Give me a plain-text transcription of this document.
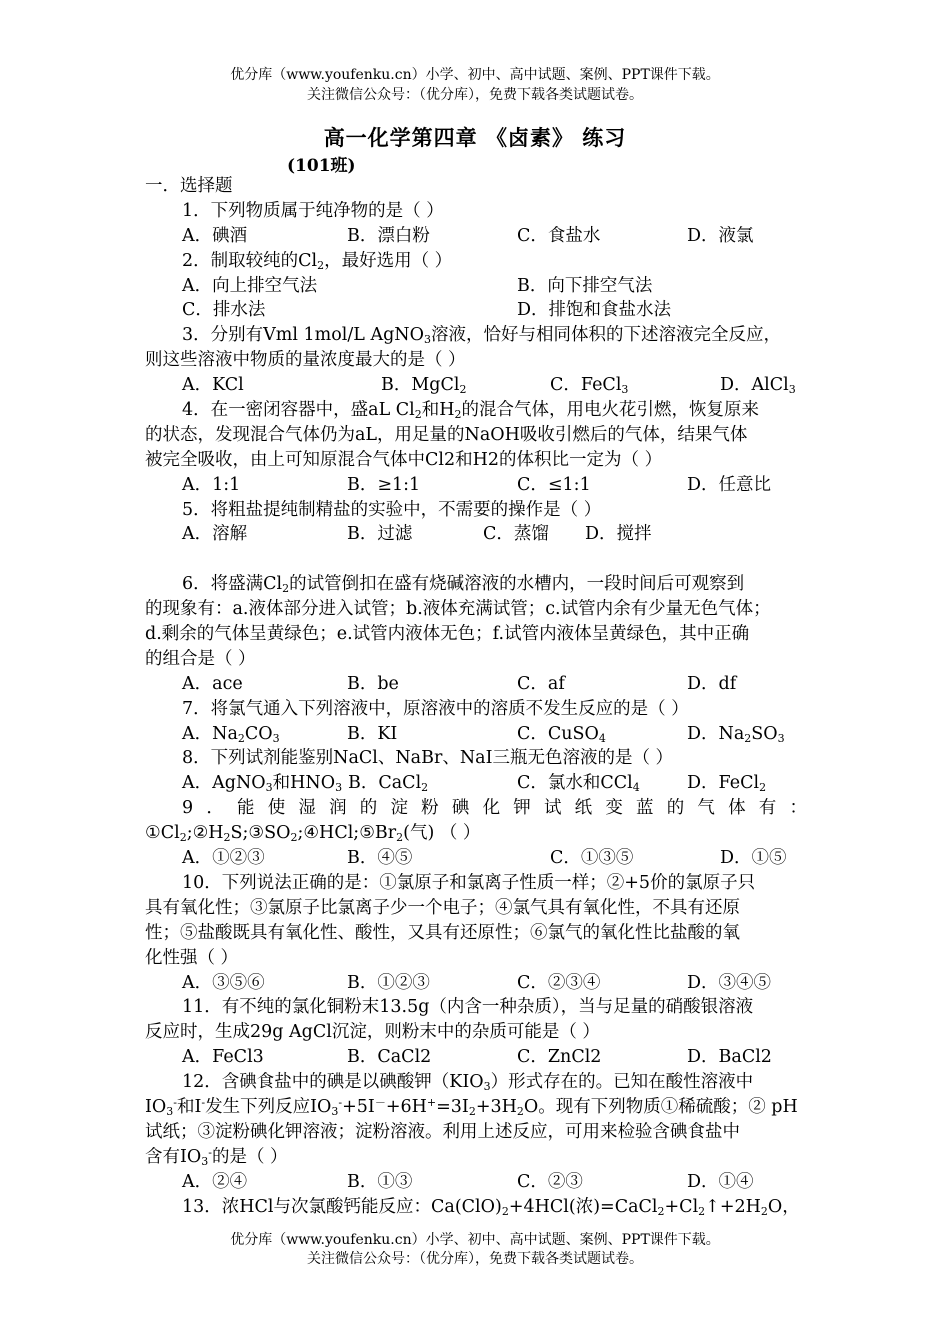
优分库（www.youfenku.cn）小学、初中、高中试题、案例、PPT课件下载。
关注微信公众号：（优分库），免费下载各类试题试卷。
高一化学第四章 《卤素》 练习
(101班)
一．选择题
1．下列物质属于纯净物的是（ ）
A．碘酒	B．漂白粉	C．食盐水	D．液氯
2．制取较纯的$Cl_2$，最好选用（ ）
A．向上排空气法	B．向下排空气法
C．排水法	D．排饱和食盐水法
3．分别有Vml 1mol/L AgNO$_3$溶液，恰好与相同体积的下述溶液完全反应，
则这些溶液中物质的量浓度最大的是（ ）
A．KCl	B．MgCl$_2$	C．FeCl$_3$	D．AlCl$_3$
4．在一密闭容器中，盛aL $Cl_2$和$H_2$的混合气体，用电火花引燃，恢复原来
的状态，发现混合气体仍为aL，用足量的NaOH吸收引燃后的气体，结果气体
被完全吸收，由上可知原混合气体中Cl2和H2的体积比一定为（ ）
A．1:1	B．≥1:1	C．≤1:1	D．任意比
5．将粗盐提纯制精盐的实验中，不需要的操作是（ ）
A．溶解	B．过滤	C．蒸馏 D．搅拌
6．将盛满$Cl_2$的试管倒扣在盛有烧碱溶液的水槽内，一段时间后可观察到
的现象有：a.液体部分进入试管；b.液体充满试管；c.试管内余有少量无色气体；
d.剩余的气体呈黄绿色；e.试管内液体无色；f.试管内液体呈黄绿色，其中正确
的组合是（ ）
A．ace	B．be	C．af	D．df
7．将氯气通入下列溶液中，原溶液中的溶质不发生反应的是（ ）
A．$Na_2CO_3$	B．KI	C．CuSO$_4$	D．$Na_2SO_3$
8．下列试剂能鉴别NaCl、NaBr、NaI三瓶无色溶液的是（ ）
A．AgNO$_3$和$HNO_3$ B．CaCl$_2$	C．氯水和CCl$_4$	D．FeCl$_2$
9．能使湿润的淀粉碘化钾试纸变蓝的气体有：
$①Cl_2;②H_2S;③SO_2;④HCl;⑤Br_2$(气) （ ）
A．①②③	B．④⑤	C．①③⑤	D．①⑤
10．下列说法正确的是：①氯原子和氯离子性质一样；②+5价的氯原子只
具有氧化性；③氯原子比氯离子少一个电子；④氯气具有氧化性，不具有还原
性；⑤盐酸既具有氧化性、酸性，又具有还原性；⑥氯气的氧化性比盐酸的氧
化性强（ ）
A．③⑤⑥	B．①②③	C．②③④	D．③④⑤
11．有不纯的氯化铜粉末13.5g（内含一种杂质），当与足量的硝酸银溶液
反应时，生成29g AgCl沉淀，则粉末中的杂质可能是（ ）
A．FeCl3	B．CaCl2	C．ZnCl2	D．BaCl2
12．含碘食盐中的碘是以碘酸钾$(KIO_3)$形式存在的。已知在酸性溶液中
$IO_3^-$和I-发生下列反应$IO_3^-+5I^-+6H^+=3I_2+3H_2O$。现有下列物质①稀硫酸；② pH
试纸；③淀粉碘化钾溶液；淀粉溶液。利用上述反应，可用来检验含碘食盐中
含有$IO_3^-$的是（ ）
A．②④	B．①③	C．②③	D．①④
13．浓HCl与次氯酸钙能反应：$Ca(ClO)_2+4HCl$(浓)$=CaCl_2+Cl_2↑+2H_2O$，
优分库（www.youfenku.cn）小学、初中、高中试题、案例、PPT课件下载。
关注微信公众号：（优分库），免费下载各类试题试卷。
